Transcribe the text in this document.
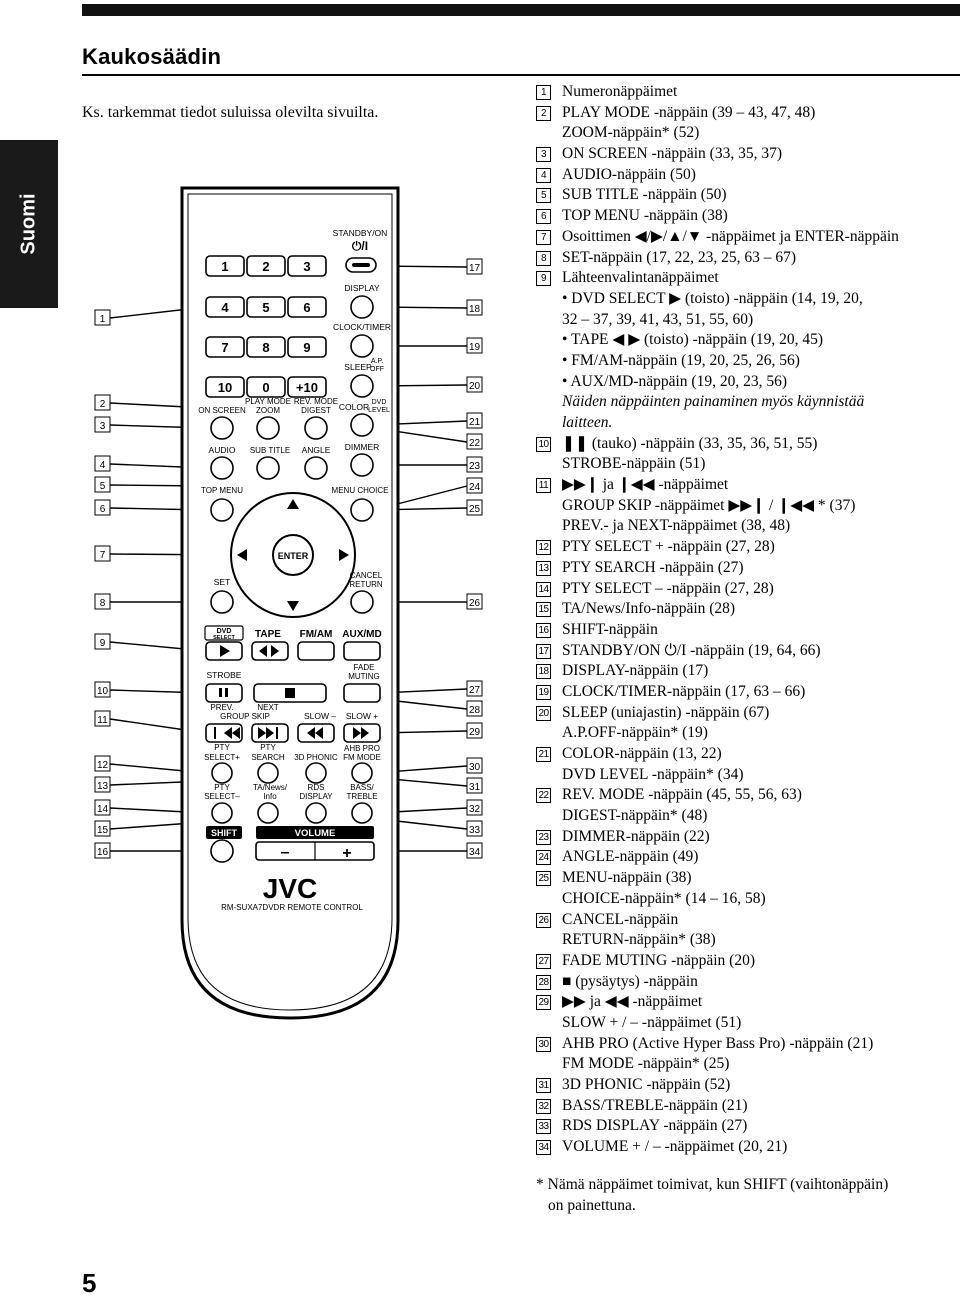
Kaukosäädin
Ks. tarkemmat tiedot suluissa olevilta sivuilta.
Suomi
1
2
3
4
5
6
7
8
9
10
11
12
13
14
15
16
17
18
19
20
21
22
23
24
25
26
27
28
29
30
31
32
33
34
STANDBY/ON
⏻/I
1	2	3
4	5	6
7	8	9
10 0 +10
DISPLAY
CLOCK/TIMER
SLEEP
A.P.
OFF
COLOR DVD
LEVEL
DIMMER
ON SCREEN
PLAY MODE
ZOOM
REV. MODE
DIGEST
AUDIO SUB TITLE ANGLE
TOP MENU	MENU CHOICE
ENTER
SET
CANCEL
RETURN
DVD
SELECT TAPE FM/AM AUX/MD
STROBE
FADE
MUTING
PREV.	NEXT
GROUP SKIP	SLOW – SLOW +
PTY
SELECT+
PTY
SEARCH 3D PHONIC
AHB PRO
FM MODE
PTY
SELECT–
TA/News/
Info
RDS
DISPLAY
BASS/
TREBLE
SHIFT	VOLUME
–	+
JVC
RM-SUXA7DVDR REMOTE CONTROL
1	Numeronäppäimet
2	PLAY MODE -näppäin (39 – 43, 47, 48)
ZOOM-näppäin* (52)
3	ON SCREEN -näppäin (33, 35, 37)
4	AUDIO-näppäin (50)
5	SUB TITLE -näppäin (50)
6	TOP MENU -näppäin (38)
7	Osoittimen ◀/▶/▲/▼ -näppäimet ja ENTER-näppäin
8	SET-näppäin (17, 22, 23, 25, 63 – 67)
9	Lähteenvalintanäppäimet
• DVD SELECT ▶ (toisto) -näppäin (14, 19, 20,
32 – 37, 39, 41, 43, 51, 55, 60)
• TAPE ◀ ▶ (toisto) -näppäin (19, 20, 45)
• FM/AM-näppäin (19, 20, 25, 26, 56)
• AUX/MD-näppäin (19, 20, 23, 56)
Näiden näppäinten painaminen myös käynnistää
laitteen.
10 ❚❚ (tauko) -näppäin (33, 35, 36, 51, 55)
STROBE-näppäin (51)
11 ▶▶❙ ja ❙◀◀ -näppäimet
GROUP SKIP -näppäimet ▶▶❙ / ❙◀◀ * (37)
PREV.- ja NEXT-näppäimet (38, 48)
12 PTY SELECT + -näppäin (27, 28)
13 PTY SEARCH -näppäin (27)
14 PTY SELECT – -näppäin (27, 28)
15 TA/News/Info-näppäin (28)
16 SHIFT-näppäin
17 STANDBY/ON ⏻/I -näppäin (19, 64, 66)
18 DISPLAY-näppäin (17)
19 CLOCK/TIMER-näppäin (17, 63 – 66)
20 SLEEP (uniajastin) -näppäin (67)
A.P.OFF-näppäin* (19)
21 COLOR-näppäin (13, 22)
DVD LEVEL -näppäin* (34)
22 REV. MODE -näppäin (45, 55, 56, 63)
DIGEST-näppäin* (48)
23 DIMMER-näppäin (22)
24 ANGLE-näppäin (49)
25 MENU-näppäin (38)
CHOICE-näppäin* (14 – 16, 58)
26 CANCEL-näppäin
RETURN-näppäin* (38)
27 FADE MUTING -näppäin (20)
28 ■ (pysäytys) -näppäin
29 ▶▶ ja ◀◀ -näppäimet
SLOW + / – -näppäimet (51)
30 AHB PRO (Active Hyper Bass Pro) -näppäin (21)
FM MODE -näppäin* (25)
31 3D PHONIC -näppäin (52)
32 BASS/TREBLE-näppäin (21)
33 RDS DISPLAY -näppäin (27)
34 VOLUME + / – -näppäimet (20, 21)
* Nämä näppäimet toimivat, kun SHIFT (vaihtonäppäin)
on painettuna.
5
